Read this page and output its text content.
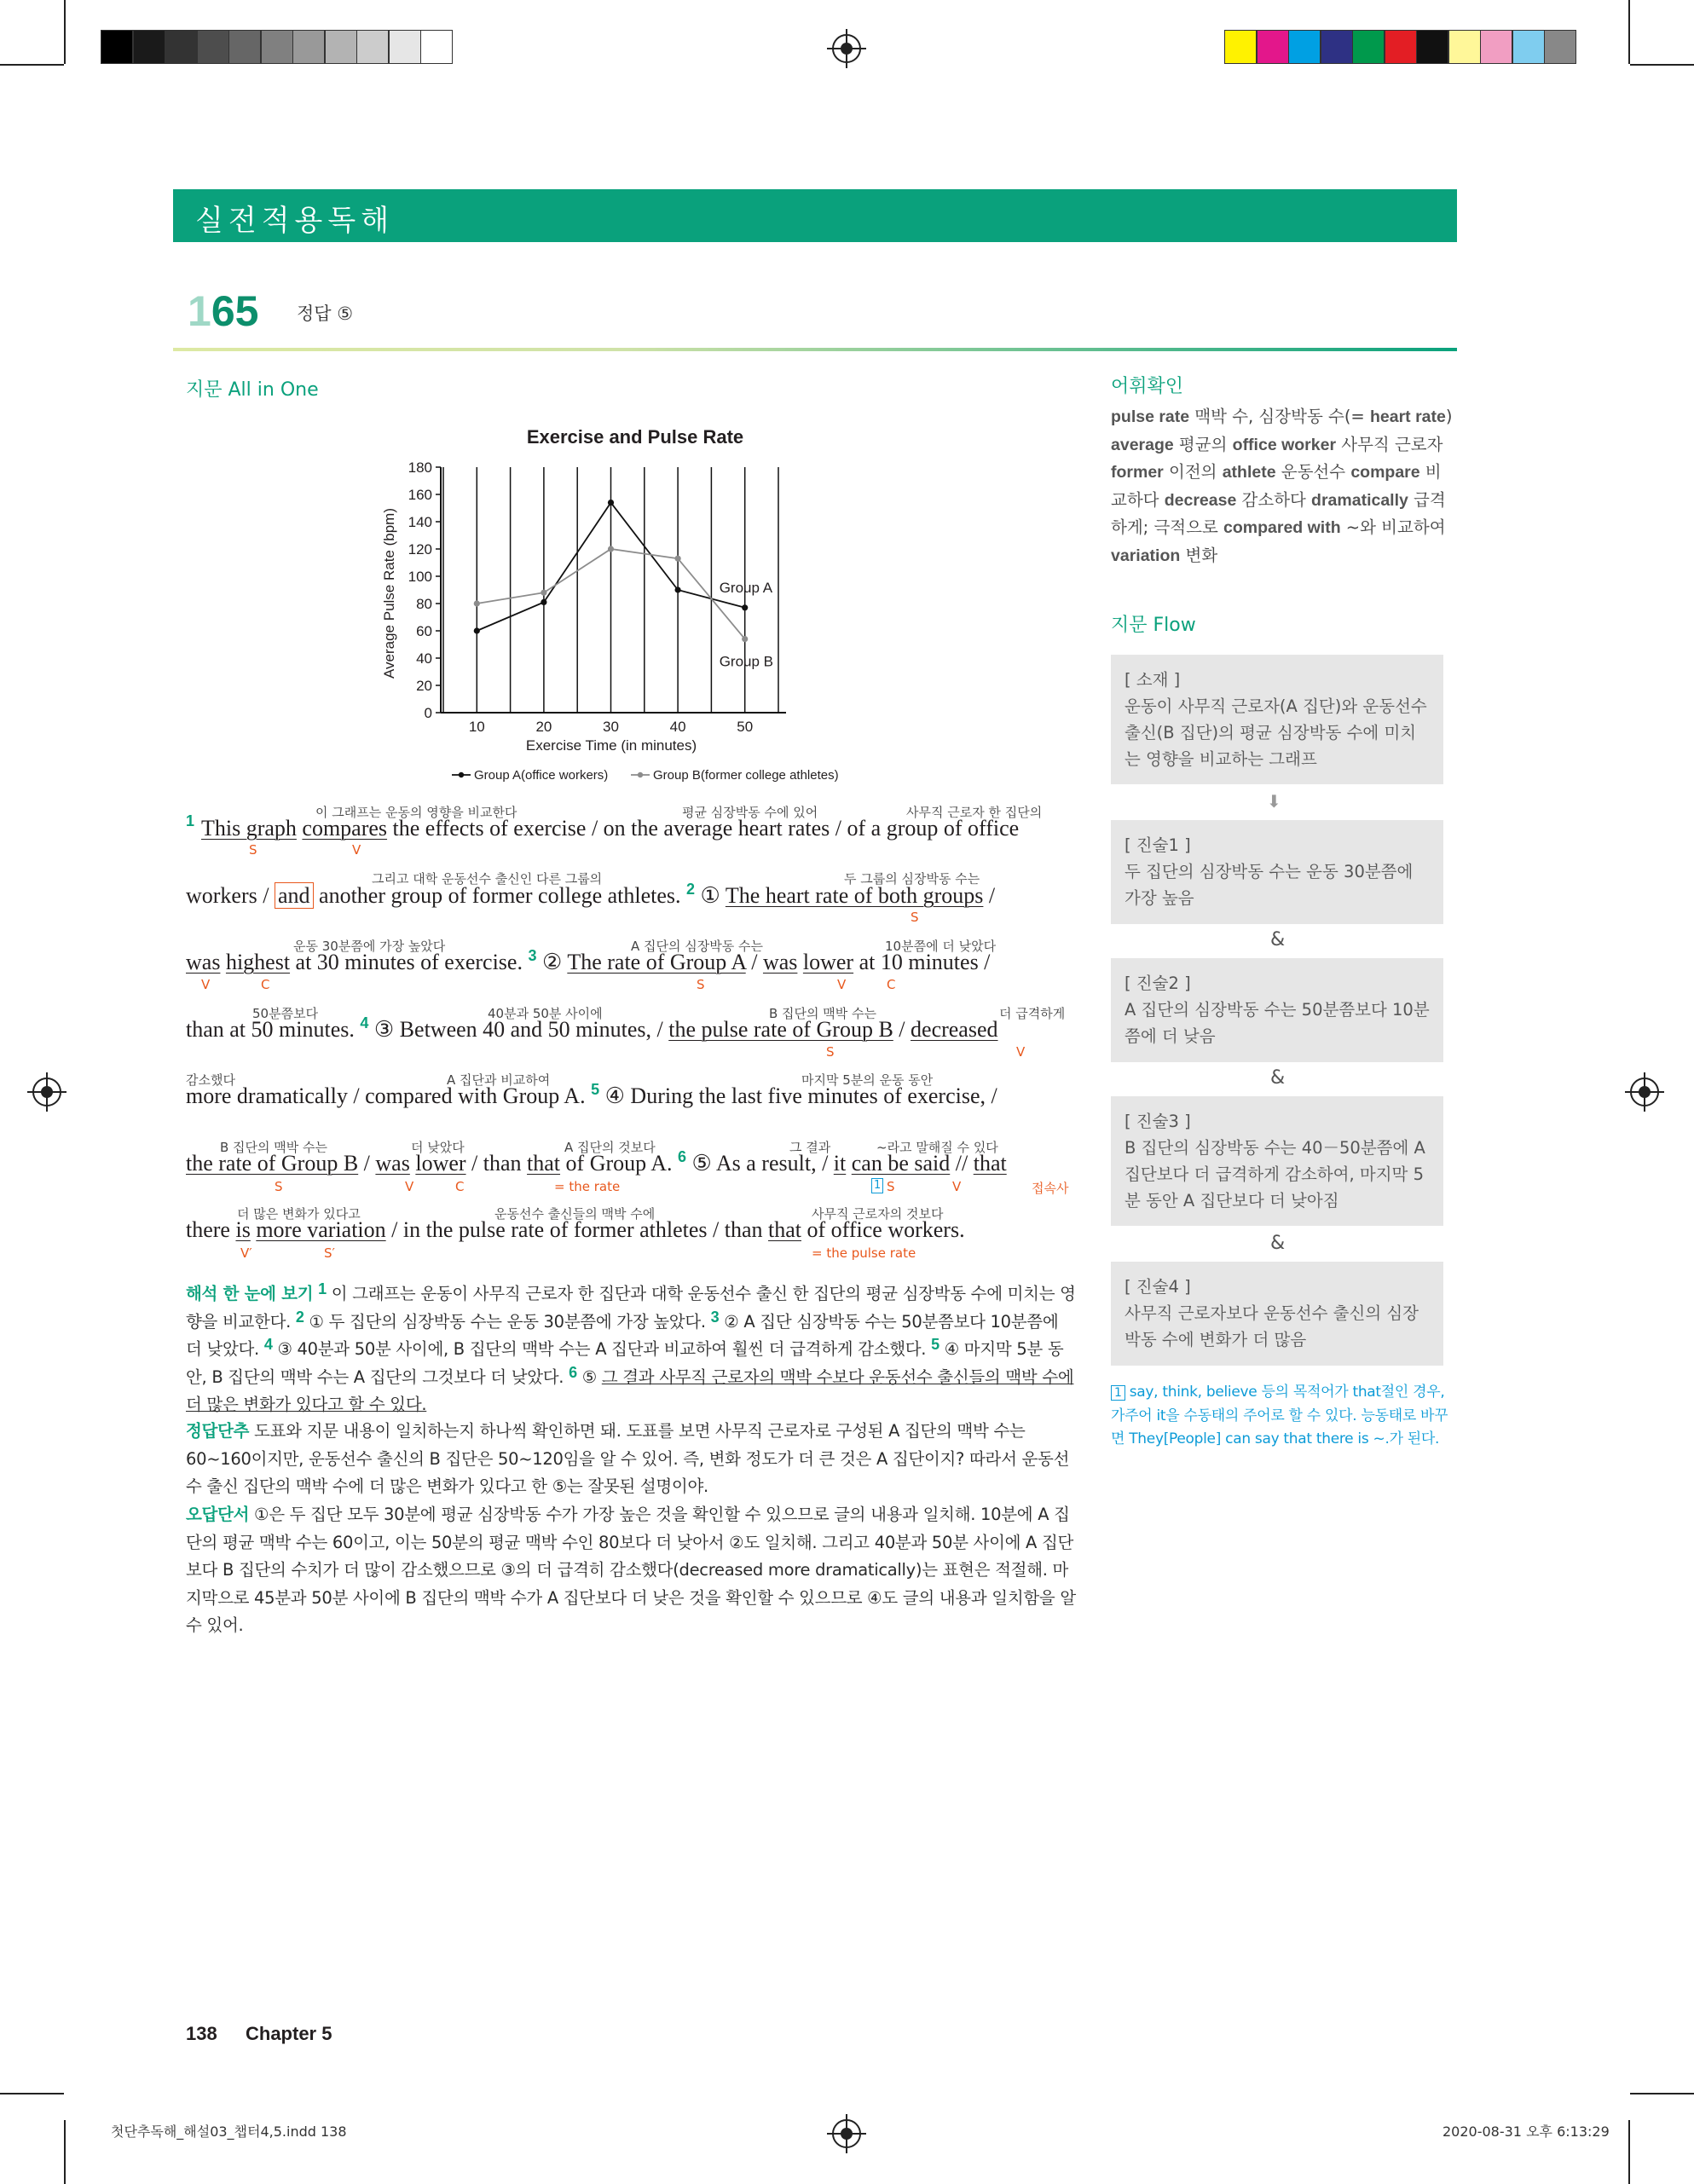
실전적용독해
165 정답 ⑤
지문 All in One
Exercise and Pulse Rate
0
20
40
60
80
100
120
140
160
180
10	20	30	40	50
Exercise Time (in minutes)
Average Pulse Rate (bpm)	Group A
Group B
Group A(office workers)	Group B(former college athletes)
이 그래프는 운동의 영향을 비교한다	평균 심장박동 수에 있어	사무직 근로자 한 집단의
1 This graph compares the effects of exercise / on the average heart rates / of a group of office
S	V
그리고 대학 운동선수 출신인 다른 그룹의	두 그룹의 심장박동 수는
workers / and another group of former college athletes. $^2$ ① The heart rate of both groups /
S
운동 30분쯤에 가장 높았다	A 집단의 심장박동 수는	10분쯤에 더 낮았다
was highest at 30 minutes of exercise. $^3$ ② The rate of Group A / was lower at 10 minutes /
V	C	S	V	C
50분쯤보다	40분과 50분 사이에	B 집단의 맥박 수는	더 급격하게
than at 50 minutes. $^4$ ③ Between 40 and 50 minutes, / the pulse rate of Group B / decreased
S	V
감소했다	A 집단과 비교하여	마지막 5분의 운동 동안
more dramatically / compared with Group A. $^5$ ④ During the last five minutes of exercise, /
B 집단의 맥박 수는	더 낮았다	A 집단의 것보다	그 결과	~라고 말해질 수 있다
the rate of Group B / was lower / than that of Group A. $^6$ ⑤ As a result, / it can be said // that
S	V	C	= the rate	1 S	V	접속사
더 많은 변화가 있다고	운동선수 출신들의 맥박 수에	사무직 근로자의 것보다
there is more variation / in the pulse rate of former athletes / than that of office workers.
V′	S′	= the pulse rate
해석 한 눈에 보기 1 이 그래프는 운동이 사무직 근로자 한 집단과 대학 운동선수 출신 한 집단의 평균 심장박동 수에 미치는 영향을 비교한다. 2 ① 두 집단의 심장박동 수는 운동 30분쯤에 가장 높았다. 3 ② A 집단 심장박동 수는 50분쯤보다 10분쯤에 더 낮았다. 4 ③ 40분과 50분 사이에, B 집단의 맥박 수는 A 집단과 비교하여 훨씬 더 급격하게 감소했다. 5 ④ 마지막 5분 동안, B 집단의 맥박 수는 A 집단의 그것보다 더 낮았다. 6 ⑤ 그 결과 사무직 근로자의 맥박 수보다 운동선수 출신들의 맥박 수에 더 많은 변화가 있다고 할 수 있다.
정답단추 도표와 지문 내용이 일치하는지 하나씩 확인하면 돼. 도표를 보면 사무직 근로자로 구성된 A 집단의 맥박 수는 60~160이지만, 운동선수 출신의 B 집단은 50~120임을 알 수 있어. 즉, 변화 정도가 더 큰 것은 A 집단이지? 따라서 운동선수 출신 집단의 맥박 수에 더 많은 변화가 있다고 한 ⑤는 잘못된 설명이야.
오답단서 ①은 두 집단 모두 30분에 평균 심장박동 수가 가장 높은 것을 확인할 수 있으므로 글의 내용과 일치해. 10분에 A 집단의 평균 맥박 수는 60이고, 이는 50분의 평균 맥박 수인 80보다 더 낮아서 ②도 일치해. 그리고 40분과 50분 사이에 A 집단보다 B 집단의 수치가 더 많이 감소했으므로 ③의 더 급격히 감소했다(decreased more dramatically)는 표현은 적절해. 마지막으로 45분과 50분 사이에 B 집단의 맥박 수가 A 집단보다 더 낮은 것을 확인할 수 있으므로 ④도 글의 내용과 일치함을 알 수 있어.
어휘확인
pulse rate 맥박 수, 심장박동 수(= heart rate) average 평균의 office worker 사무직 근로자 former 이전의 athlete 운동선수 compare 비교하다 decrease 감소하다 dramatically 급격하게; 극적으로 compared with ~와 비교하여 variation 변화
지문 Flow
[ 소재 ]
운동이 사무직 근로자(A 집단)와 운동선수 출신(B 집단)의 평균 심장박동 수에 미치는 영향을 비교하는 그래프
⬇
[ 진술1 ]
두 집단의 심장박동 수는 운동 30분쯤에 가장 높음
&
[ 진술2 ]
A 집단의 심장박동 수는 50분쯤보다 10분쯤에 더 낮음
&
[ 진술3 ]
B 집단의 심장박동 수는 40－50분쯤에 A 집단보다 더 급격하게 감소하여, 마지막 5분 동안 A 집단보다 더 낮아짐
&
[ 진술4 ]
사무직 근로자보다 운동선수 출신의 심장박동 수에 변화가 더 많음
1 say, think, believe 등의 목적어가 that절인 경우, 가주어 it을 수동태의 주어로 할 수 있다. 능동태로 바꾸면 They[People] can say that there is ~.가 된다.
138 Chapter 5
첫단추독해_해설03_챕터4,5.indd 138	2020-08-31 오후 6:13:29
